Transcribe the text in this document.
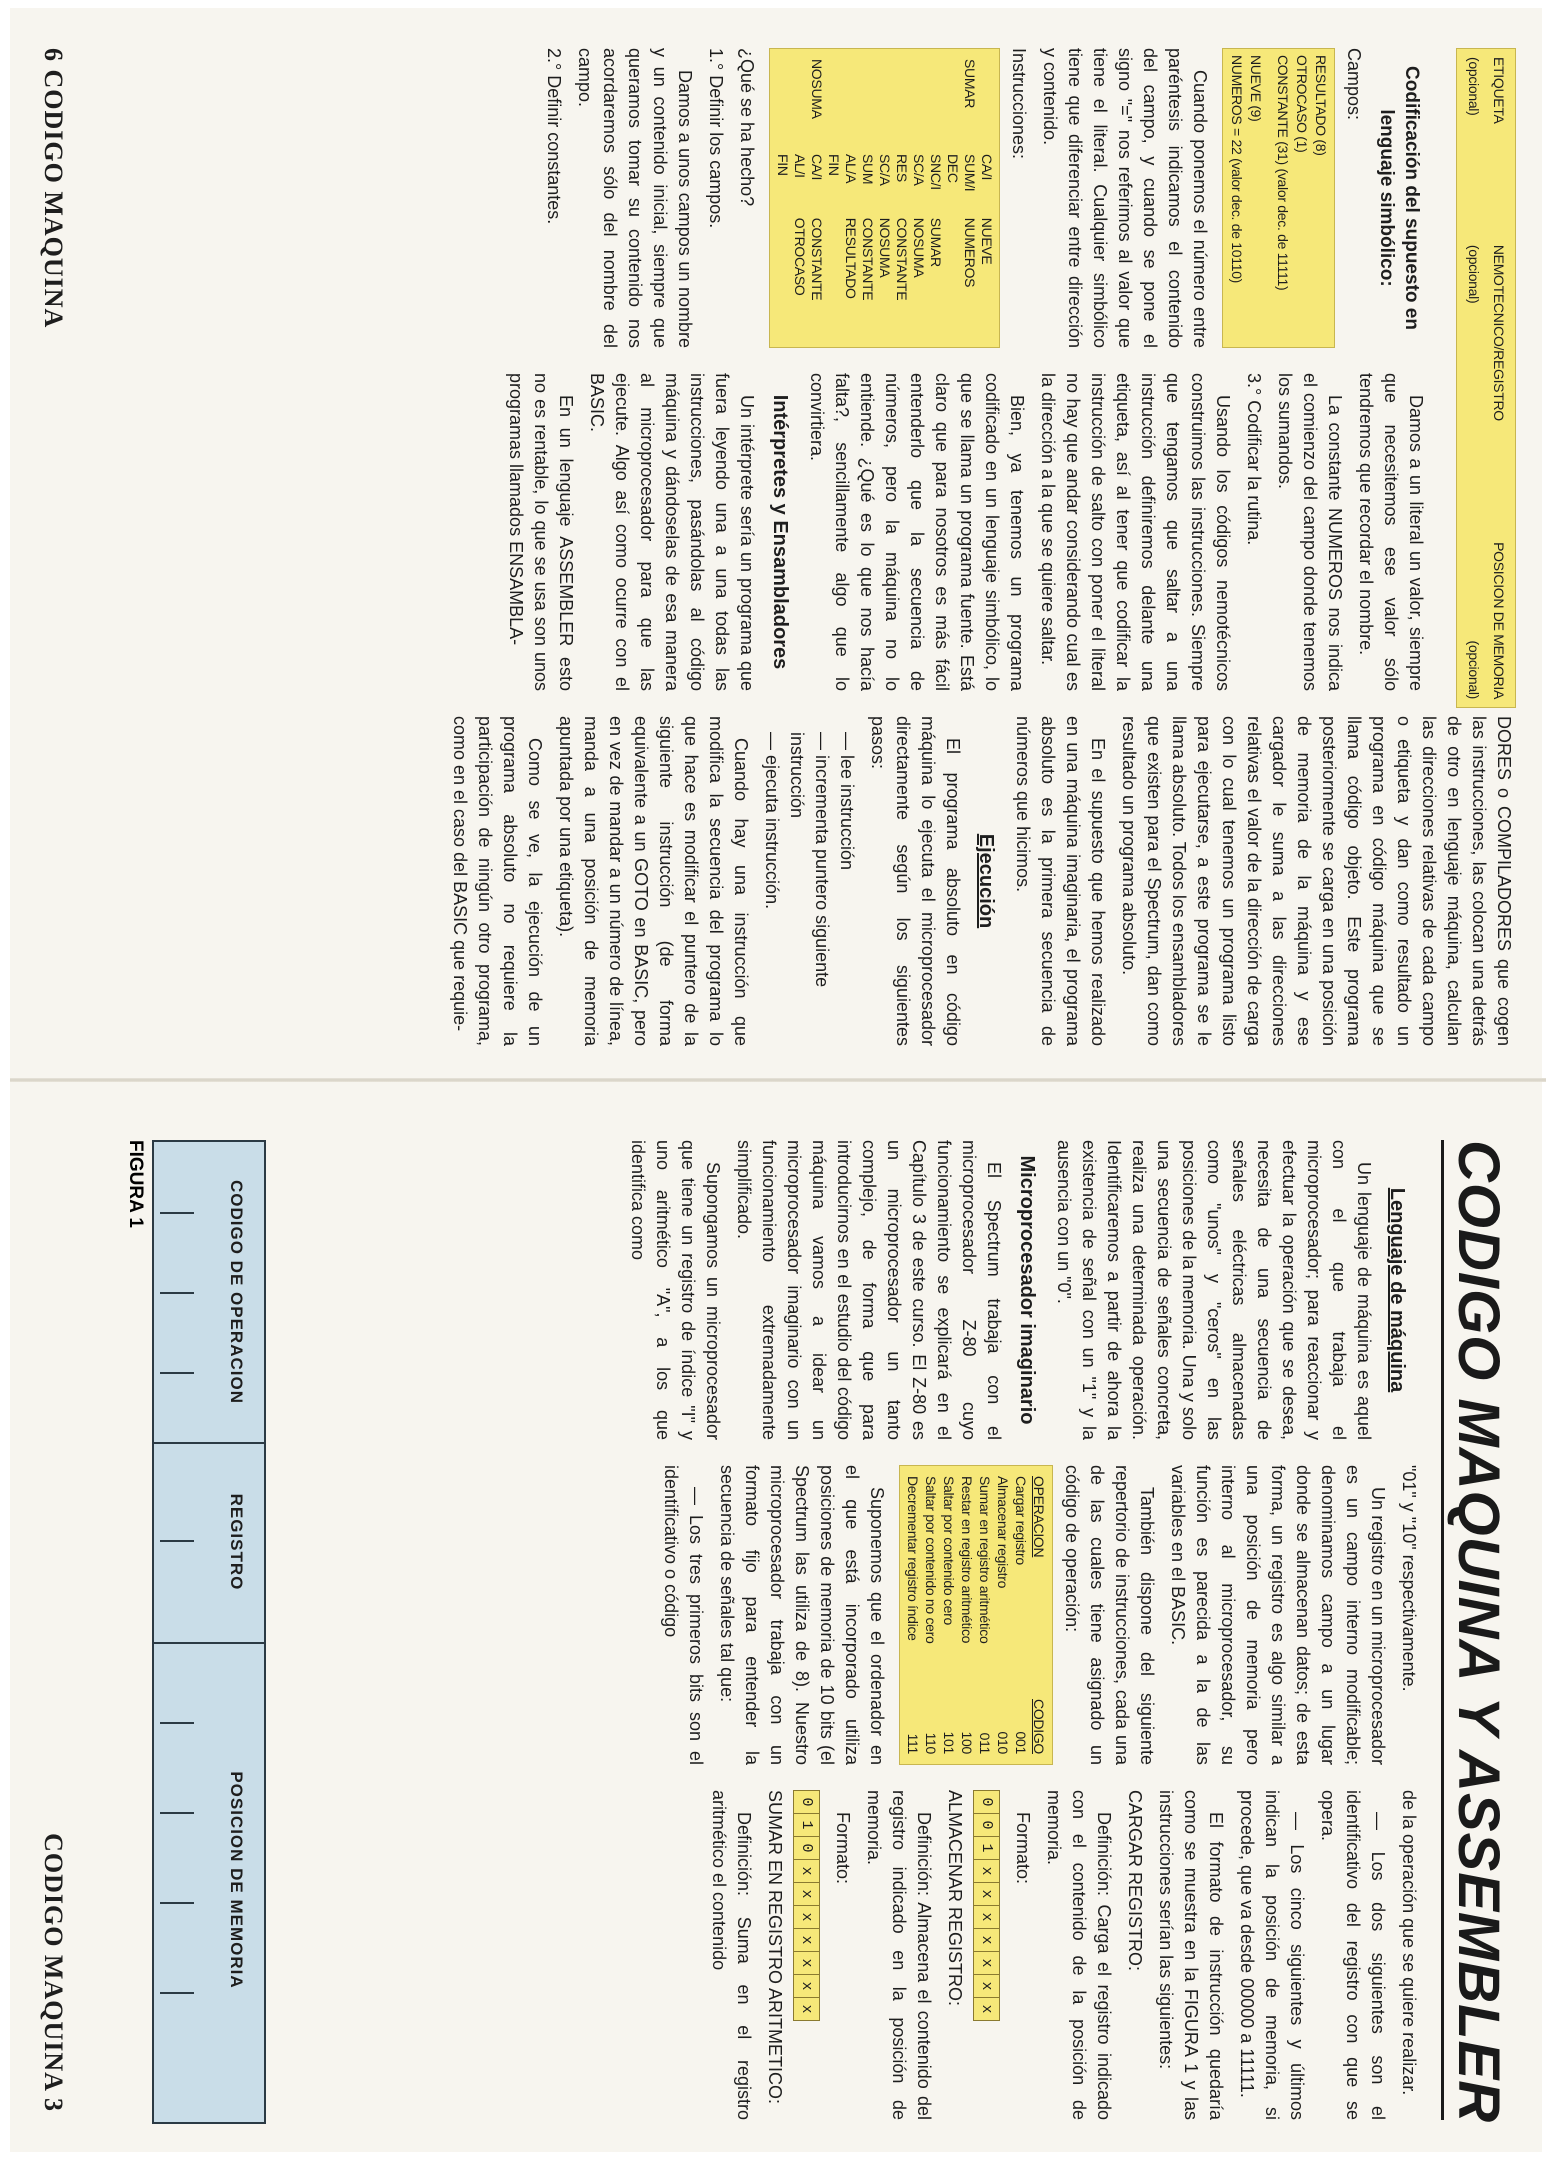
ETIQUETA
(opcional)
NEMOTECNICO/REGISTRO
(opcional)
POSICION DE MEMORIA
(opcional)
Codificación del supuesto en lenguaje simbólico:

Campos:

RESULTADO (8)
OTROCASO (1)
CONSTANTE (31) (valor dec. de 11111)
NUEVE (9)
NUMEROS = 22 (valor dec. de 10110)

Cuando ponemos el número entre paréntesis indicamos el contenido del campo, y cuando se pone el signo "=" nos referimos al valor que tiene el literal. Cualquier simbólico tiene que diferenciar entre dirección y contenido.

Instrucciones:

	CA/I	NUEVE
SUMAR	SUM/I	NUMEROS
	DEC	
	SNC/I	SUMAR
	SC/A	NOSUMA
	RES	CONSTANTE
	SC/A	NOSUMA
	SUM	CONSTANTE
	AL/A	RESULTADO
	FIN	
NOSUMA	CA/I	CONSTANTE
	AL/I	OTROCASO
	FIN	

¿Qué se ha hecho?

1.° Definir los campos.

Damos a unos campos un nombre y un contenido inicial, siempre que queramos tomar su contenido nos acordaremos sólo del nombre del campo.

2.° Definir constantes.

Damos a un literal un valor, siempre que necesitemos ese valor sólo tendremos que recordar el nombre.

La constante NUMEROS nos indica el comienzo del campo donde tenemos los sumandos.

3.° Codificar la rutina.

Usando los códigos nemotécnicos construimos las instrucciones. Siempre que tengamos que saltar a una instrucción definiremos delante una etiqueta, así al tener que codificar la instrucción de salto con poner el literal no hay que andar considerando cual es la dirección a la que se quiere saltar.

Bien, ya tenemos un programa codificado en un lenguaje simbólico, lo que se llama un programa fuente. Está claro que para nosotros es más fácil entenderlo que la secuencia de números, pero la máquina no lo entiende. ¿Qué es lo que nos hacía falta?, sencillamente algo que lo convirtiera.

Intérpretes y Ensambladores

Un intérprete sería un programa que fuera leyendo una a una todas las instrucciones, pasándolas al código máquina y dándoselas de esa manera al microprocesador para que las ejecute. Algo así como ocurre con el BASIC.

En un lenguaje ASSEMBLER esto no es rentable, lo que se usa son unos programas llamados ENSAMBLA-

DORES o COMPILADORES que cogen las instrucciones, las colocan una detrás de otro en lenguaje máquina, calculan las direcciones relativas de cada campo o etiqueta y dan como resultado un programa en código máquina que se llama código objeto. Este programa posteriormente se carga en una posición de memoria de la máquina y ese cargador le suma a las direcciones relativas el valor de la dirección de carga con lo cual tenemos un programa listo para ejecutarse, a este programa se le llama absoluto. Todos los ensambladores que existen para el Spectrum, dan como resultado un programa absoluto.

En el supuesto que hemos realizado en una máquina imaginaria, el programa absoluto es la primera secuencia de números que hicimos.

Ejecución

El programa absoluto en código máquina lo ejecuta el microprocesador directamente según los siguientes pasos:

— lee instrucción
— incrementa puntero siguiente instrucción
— ejecuta instrucción.

Cuando hay una instrucción que modifica la secuencia del programa lo que hace es modificar el puntero de la siguiente instrucción (de forma equivalente a un GOTO en BASIC, pero en vez de mandar a un número de línea, manda a una posición de memoria apuntada por una etiqueta).

Como se ve, la ejecución de un programa absoluto no requiere la participación de ningún otro programa, como en el caso del BASIC que requie-

6 CODIGO MAQUINA
CODIGO MAQUINA Y ASSEMBLER
Lenguaje de máquina

Un lenguaje de máquina es aquel con el que trabaja el microprocesador; para reaccionar y efectuar la operación que se desea, necesita de una secuencia de señales eléctricas almacenadas como "unos" y "ceros" en las posiciones de la memoria. Una y solo una secuencia de señales concreta, realiza una determinada operación. Identificaremos a partir de ahora la existencia de señal con un "1" y la ausencia con un "0".

Microprocesador imaginario

El Spectrum trabaja con el microprocesador Z-80 cuyo funcionamiento se explicará en el Capítulo 3 de este curso. El Z-80 es un microprocesador un tanto complejo, de forma que para introducirnos en el estudio del código máquina vamos a idear un microprocesador imaginario con un funcionamiento extremadamente simplificado.

Supongamos un microprocesador que tiene un registro de índice "I" y uno aritmético "A", a los que identifica como

"01" y "10" respectivamente.

Un registro en un microprocesador es un campo interno modificable; denominamos campo a un lugar donde se almacenan datos; de esta forma, un registro es algo similar a una posición de memoria pero interno al microprocesador, su función es parecida a la de las variables en el BASIC.

También dispone del siguiente repertorio de instrucciones, cada una de las cuales tiene asignado un código de operación:

OPERACION	CODIGO
Cargar registro	001
Almacenar registro	010
Sumar en registro aritmético	011
Restar en registro aritmético	100
Saltar por contenido cero	101
Saltar por contenido no cero	110
Decrementar registro índice	111

Suponemos que el ordenador en el que está incorporado utiliza posiciones de memoria de 10 bits (el Spectrum las utiliza de 8). Nuestro microprocesador trabaja con un formato fijo para entender la secuencia de señales tal que:

— Los tres primeros bits son el identificativo o código

de la operación que se quiere realizar.

— Los dos siguientes son el identificativo del registro con que se opera.

— Los cinco siguientes y últimos indican la posición de memoria, si procede, que va desde 00000 a 11111.

El formato de instrucción quedaría como se muestra en la FIGURA 1 y las instrucciones serían las siguientes:

CARGAR REGISTRO:

Definición: Carga el registro indicado con el contenido de la posición de memoria.

Formato:

0
0
1
x
x
x
x
x
x
x

ALMACENAR REGISTRO:

Definición: Almacena el contenido del registro indicado en la posición de memoria.

Formato:

0
1
0
x
x
x
x
x
x
x

SUMAR EN REGISTRO ARITMETICO:

Definición: Suma en el registro aritmético el contenido

CODIGO DE OPERACION
REGISTRO
POSICION DE MEMORIA
FIGURA 1
CODIGO MAQUINA 3
